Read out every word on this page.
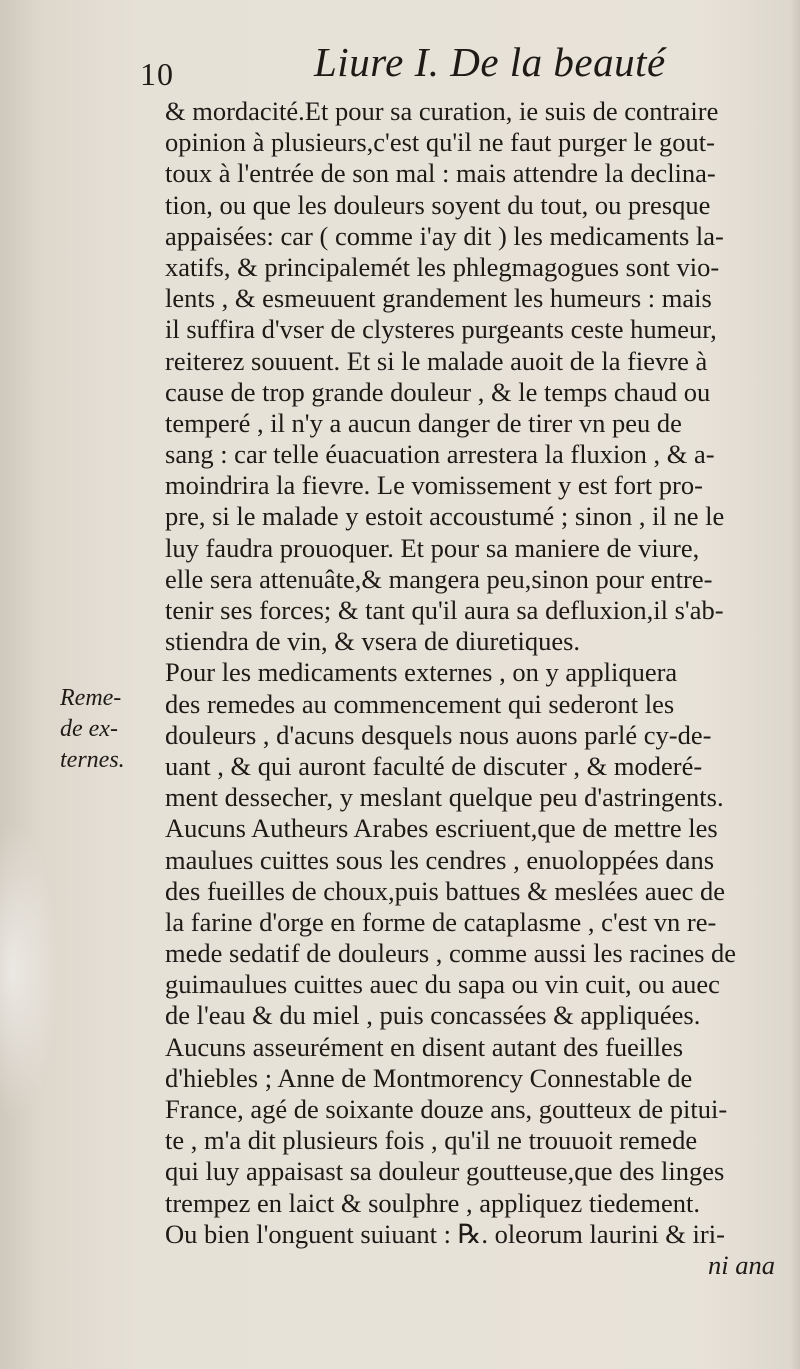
10	Liure I. De la beauté
Reme-
de ex-
ternes.
& mordacité.Et pour sa curation, ie suis de contraire
opinion à plusieurs,c'est qu'il ne faut purger le gout-
toux à l'entrée de son mal : mais attendre la declina-
tion, ou que les douleurs soyent du tout, ou presque
appaisées: car ( comme i'ay dit ) les medicaments la-
xatifs, & principalemét les phlegmagogues sont vio-
lents , & esmeuuent grandement les humeurs : mais
il suffira d'vser de clysteres purgeants ceste humeur,
reiterez souuent. Et si le malade auoit de la fievre à
cause de trop grande douleur , & le temps chaud ou
temperé , il n'y a aucun danger de tirer vn peu de
sang : car telle éuacuation arrestera la fluxion , & a-
moindrira la fievre. Le vomissement y est fort pro-
pre, si le malade y estoit accoustumé ; sinon , il ne le
luy faudra prouoquer. Et pour sa maniere de viure,
elle sera attenuâte,& mangera peu,sinon pour entre-
tenir ses forces; & tant qu'il aura sa defluxion,il s'ab-
stiendra de vin, & vsera de diuretiques.
Pour les medicaments externes , on y appliquera
des remedes au commencement qui sederont les
douleurs , d'acuns desquels nous auons parlé cy-de-
uant , & qui auront faculté de discuter , & moderé-
ment dessecher, y meslant quelque peu d'astringents.
Aucuns Autheurs Arabes escriuent,que de mettre les
maulues cuittes sous les cendres , enuoloppées dans
des fueilles de choux,puis battues & meslées auec de
la farine d'orge en forme de cataplasme , c'est vn re-
mede sedatif de douleurs , comme aussi les racines de
guimaulues cuittes auec du sapa ou vin cuit, ou auec
de l'eau & du miel , puis concassées & appliquées.
Aucuns asseurément en disent autant des fueilles
d'hiebles ; Anne de Montmorency Connestable de
France, agé de soixante douze ans, goutteux de pitui-
te , m'a dit plusieurs fois , qu'il ne trouuoit remede
qui luy appaisast sa douleur goutteuse,que des linges
trempez en laict & soulphre , appliquez tiedement.
Ou bien l'onguent suiuant : ℞. oleorum laurini & iri-
ni ana
